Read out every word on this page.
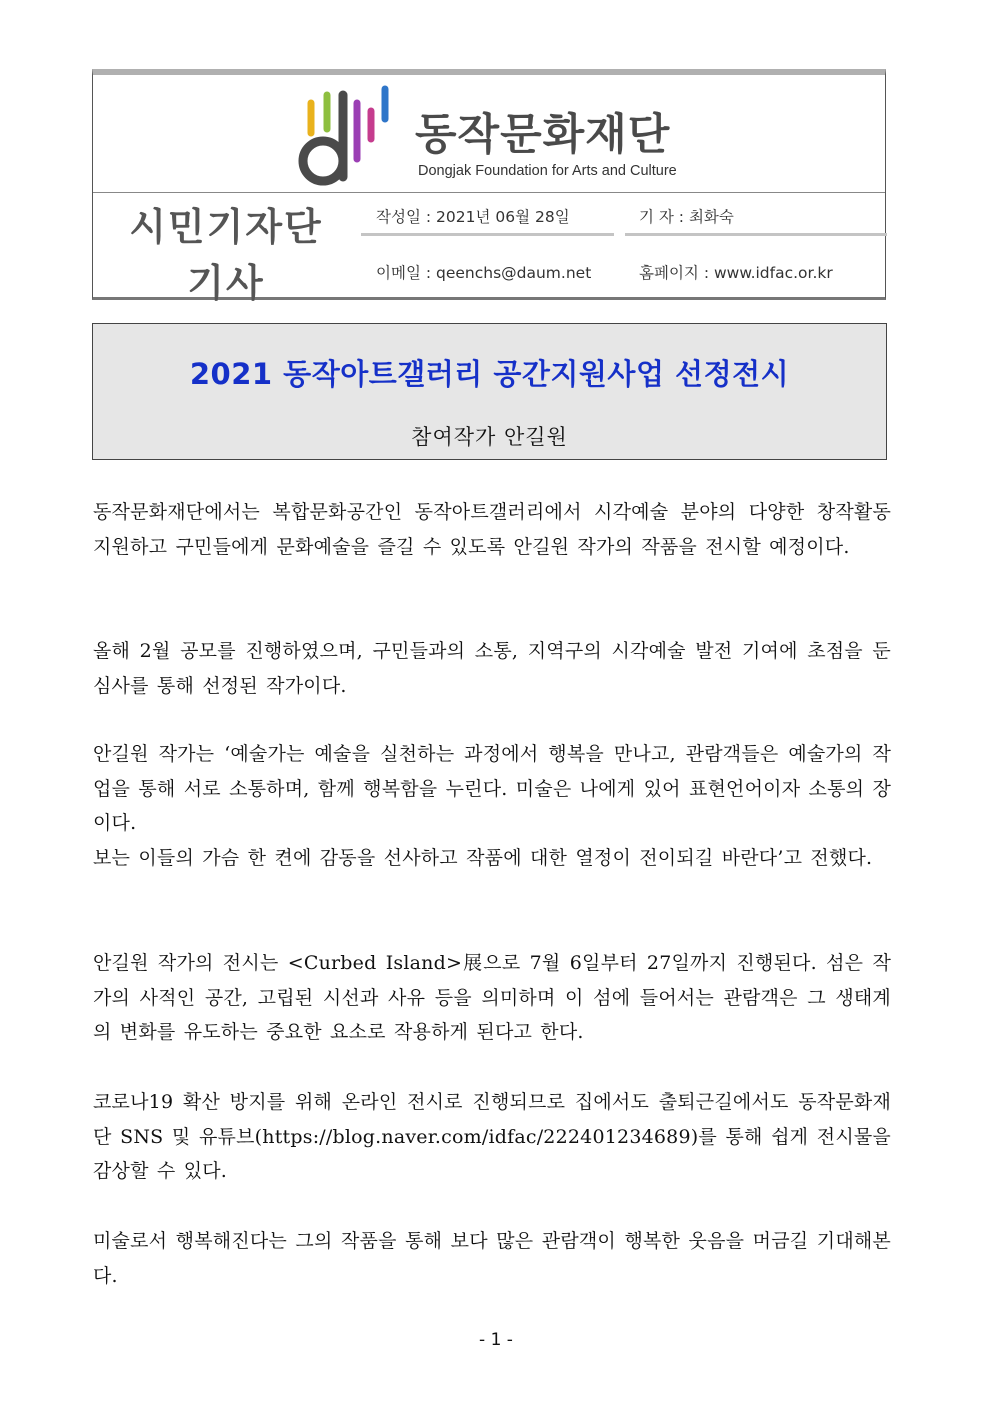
동작문화재단
Dongjak Foundation for Arts and Culture
시민기자단
기사
작성일 : 2021년 06월 28일	기 자 : 최화숙
이메일 : qeenchs@daum.net	홈페이지 : www.idfac.or.kr
2021 동작아트갤러리 공간지원사업 선정전시
참여작가 안길원
동작문화재단에서는 복합문화공간인 동작아트갤러리에서 시각예술 분야의 다양한 창작활동 지원하고 구민들에게 문화예술을 즐길 수 있도록 안길원 작가의 작품을 전시할 예정이다.
올해 2월 공모를 진행하였으며, 구민들과의 소통, 지역구의 시각예술 발전 기여에 초점을 둔 심사를 통해 선정된 작가이다.
안길원 작가는 ‘예술가는 예술을 실천하는 과정에서 행복을 만나고, 관람객들은 예술가의 작업을 통해 서로 소통하며, 함께 행복함을 누린다. 미술은 나에게 있어 표현언어이자 소통의 장이다.
보는 이들의 가슴 한 켠에 감동을 선사하고 작품에 대한 열정이 전이되길 바란다’고 전했다.
안길원 작가의 전시는 <Curbed Island>展으로 7월 6일부터 27일까지 진행된다. 섬은 작가의 사적인 공간, 고립된 시선과 사유 등을 의미하며 이 섬에 들어서는 관람객은 그 생태계의 변화를 유도하는 중요한 요소로 작용하게 된다고 한다.
코로나19 확산 방지를 위해 온라인 전시로 진행되므로 집에서도 출퇴근길에서도 동작문화재단 SNS 및 유튜브(https://blog.naver.com/idfac/222401234689)를 통해 쉽게 전시물을 감상할 수 있다.
미술로서 행복해진다는 그의 작품을 통해 보다 많은 관람객이 행복한 웃음을 머금길 기대해본다.
- 1 -
